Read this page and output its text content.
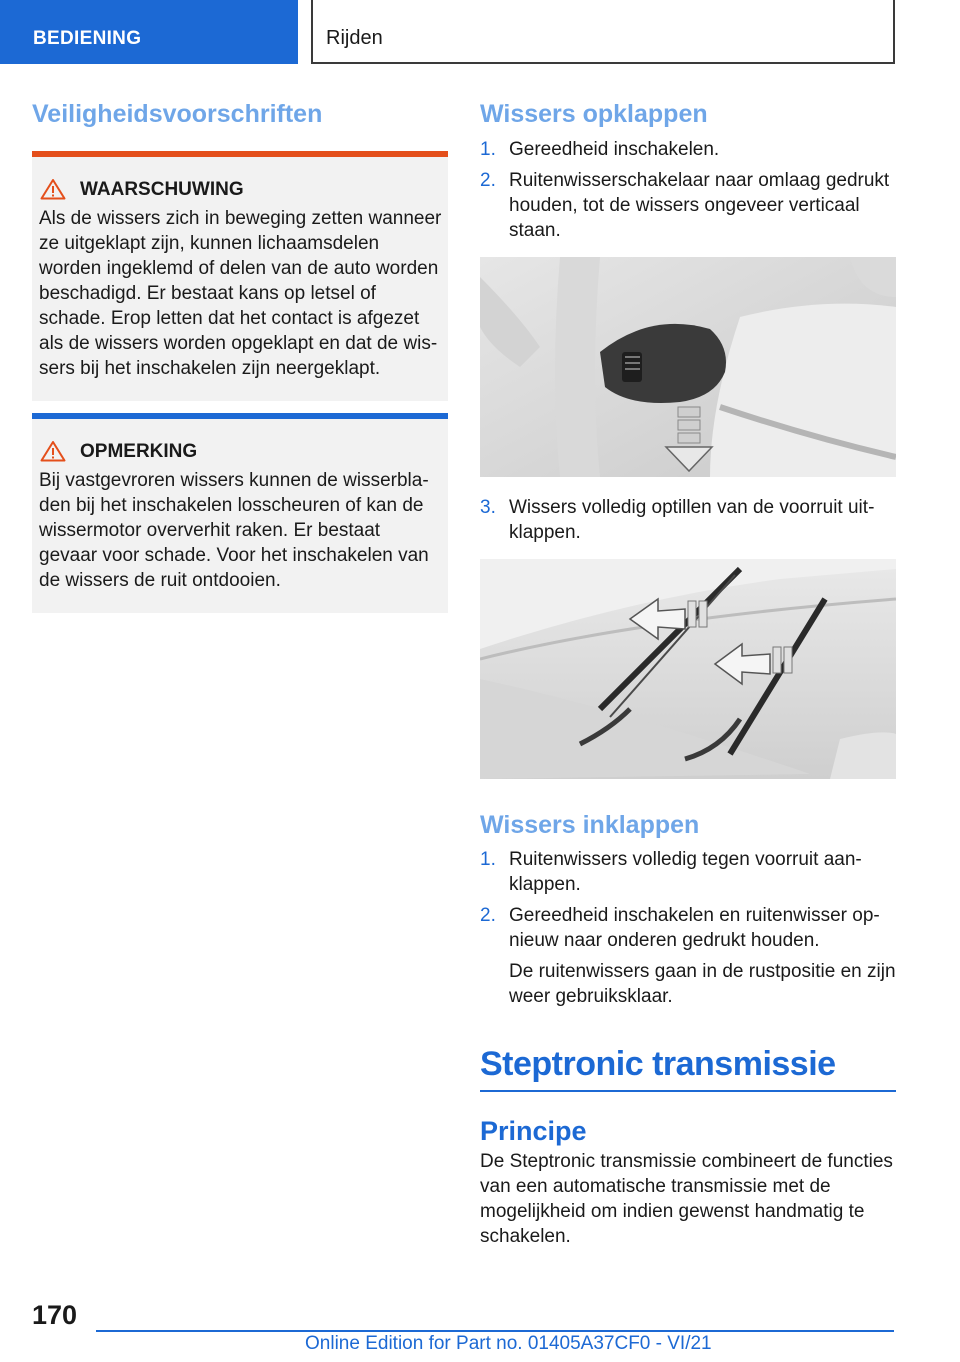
BEDIENING	Rijden
Veiligheidsvoorschriften
WAARSCHUWING

Als de wissers zich in beweging zetten wanneer ze uitgeklapt zijn, kunnen lichaamsdelen worden ingeklemd of delen van de auto worden beschadigd. Er bestaat kans op letsel of schade. Erop letten dat het contact is afgezet als de wissers worden opgeklapt en dat de wissers bij het inschakelen zijn neergeklapt.

OPMERKING

Bij vastgevroren wissers kunnen de wisserbladen bij het inschakelen losscheuren of kan de wissermotor oververhit raken. Er bestaat gevaar voor schade. Voor het inschakelen van de wissers de ruit ontdooien.

Wissers opklappen
1. Gereedheid inschakelen.
2. Ruitenwisserschakelaar naar omlaag gedrukt houden, tot de wissers ongeveer verticaal staan.
3. Wissers volledig optillen van de voorruit uitklappen.
Wissers inklappen
1. Ruitenwissers volledig tegen voorruit aanklappen.
2. Gereedheid inschakelen en ruitenwisser opnieuw naar onderen gedrukt houden.

De ruitenwissers gaan in de rustpositie en zijn weer gebruiksklaar.

Steptronic transmissie
Principe

De Steptronic transmissie combineert de functies van een automatische transmissie met de mogelijkheid om indien gewenst handmatig te schakelen.

170
Online Edition for Part no. 01405A37CF0 - VI/21
